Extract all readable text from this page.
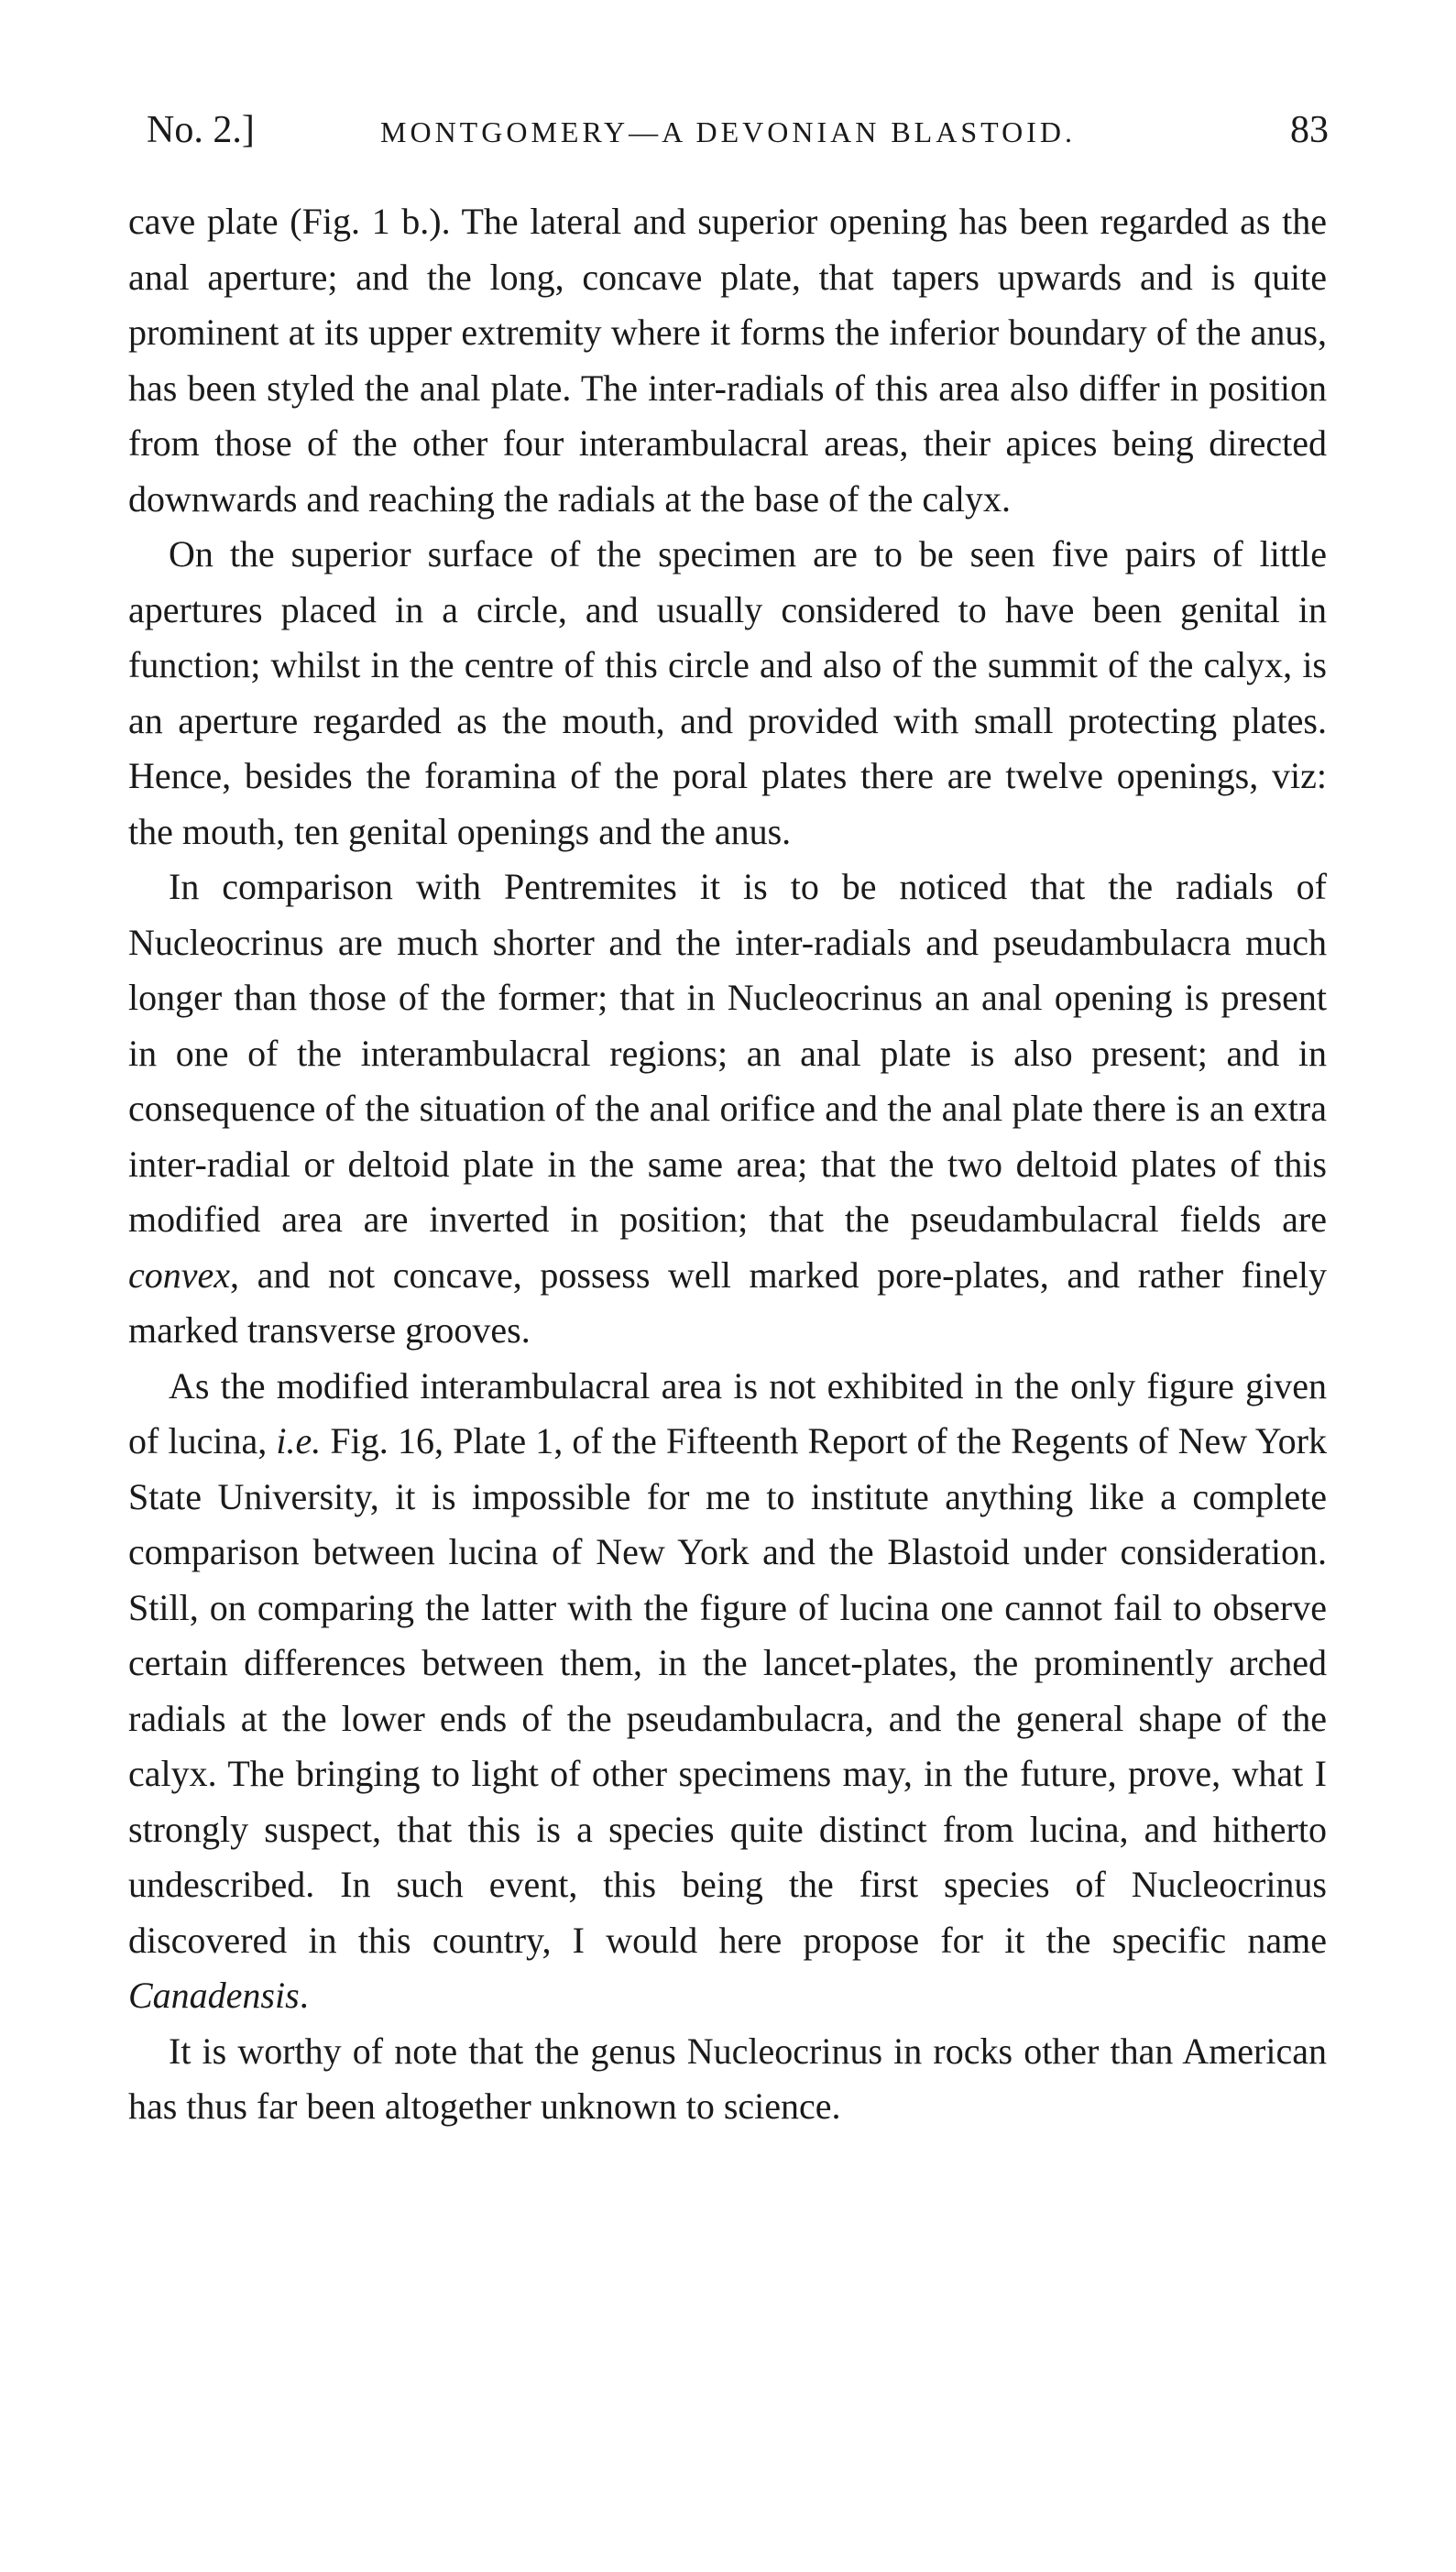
No. 2.]	MONTGOMERY—A DEVONIAN BLASTOID.	83

cave plate (Fig. 1 b.). The lateral and superior opening has been regarded as the anal aperture; and the long, concave plate, that tapers upwards and is quite prominent at its upper extremity where it forms the inferior boundary of the anus, has been styled the anal plate. The inter-radials of this area also differ in position from those of the other four interambulacral areas, their apices being directed downwards and reaching the radials at the base of the calyx.

On the superior surface of the specimen are to be seen five pairs of little apertures placed in a circle, and usually considered to have been genital in function; whilst in the centre of this circle and also of the summit of the calyx, is an aperture regarded as the mouth, and provided with small protecting plates. Hence, besides the foramina of the poral plates there are twelve openings, viz: the mouth, ten genital openings and the anus.

In comparison with Pentremites it is to be noticed that the radials of Nucleocrinus are much shorter and the inter-radials and pseudambulacra much longer than those of the former; that in Nucleocrinus an anal opening is present in one of the interambulacral regions; an anal plate is also present; and in consequence of the situation of the anal orifice and the anal plate there is an extra inter-radial or deltoid plate in the same area; that the two deltoid plates of this modified area are inverted in position; that the pseudambulacral fields are convex, and not concave, possess well marked pore-plates, and rather finely marked transverse grooves.

As the modified interambulacral area is not exhibited in the only figure given of lucina, i.e. Fig. 16, Plate 1, of the Fifteenth Report of the Regents of New York State University, it is impossible for me to institute anything like a complete comparison between lucina of New York and the Blastoid under consideration. Still, on comparing the latter with the figure of lucina one cannot fail to observe certain differences between them, in the lancet-plates, the prominently arched radials at the lower ends of the pseudambulacra, and the general shape of the calyx. The bringing to light of other specimens may, in the future, prove, what I strongly suspect, that this is a species quite distinct from lucina, and hitherto undescribed. In such event, this being the first species of Nucleocrinus discovered in this country, I would here propose for it the specific name Canadensis.

It is worthy of note that the genus Nucleocrinus in rocks other than American has thus far been altogether unknown to science.
